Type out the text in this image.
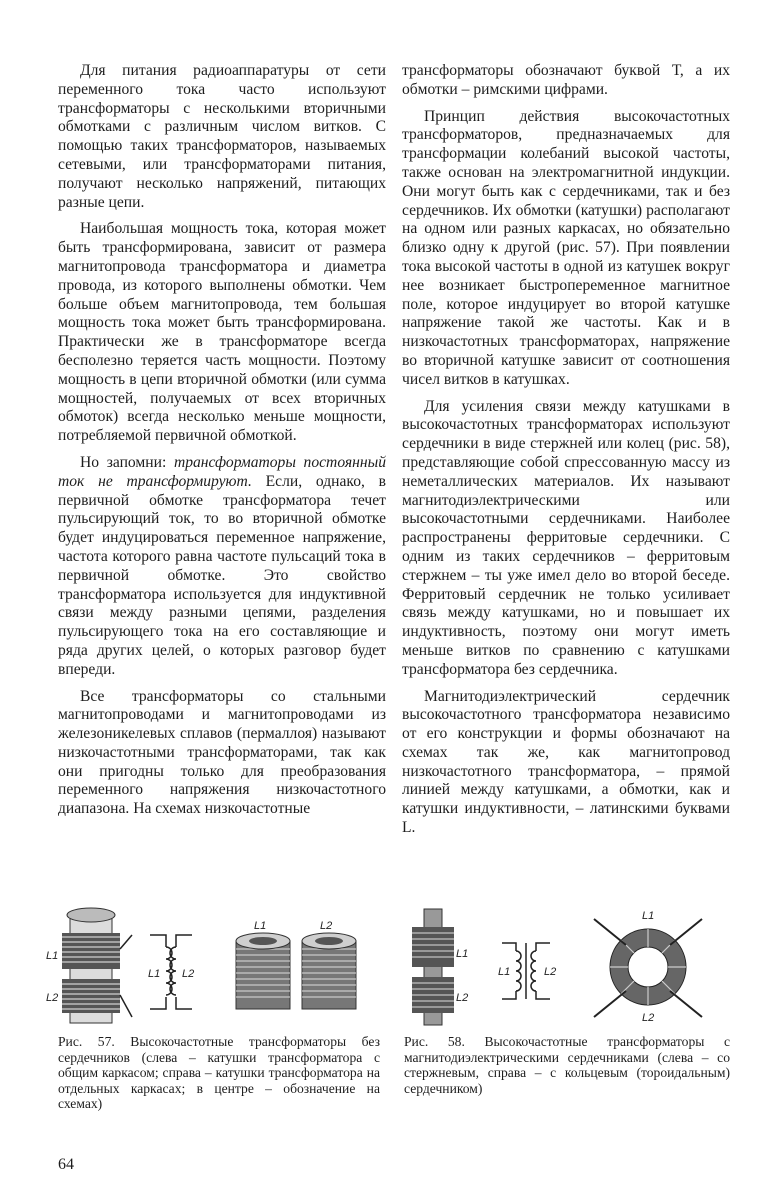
Для питания радиоаппаратуры от сети переменного тока часто используют трансформаторы с несколькими вторичными обмотками с различным числом витков. С помощью таких трансформаторов, называемых сетевыми, или трансформаторами питания, получают несколько напряжений, питающих разные цепи.

Наибольшая мощность тока, которая может быть трансформирована, зависит от размера магнитопровода трансформатора и диаметра провода, из которого выполнены обмотки. Чем больше объем магнитопровода, тем большая мощность тока может быть трансформирована. Практически же в трансформаторе всегда бесполезно теряется часть мощности. Поэтому мощность в цепи вторичной обмотки (или сумма мощностей, получаемых от всех вторичных обмоток) всегда несколько меньше мощности, потребляемой первичной обмоткой.

Но запомни: трансформаторы постоянный ток не трансформируют. Если, однако, в первичной обмотке трансформатора течет пульсирующий ток, то во вторичной обмотке будет индуцироваться переменное напряжение, частота которого равна частоте пульсаций тока в первичной обмотке. Это свойство трансформатора используется для индуктивной связи между разными цепями, разделения пульсирующего тока на его составляющие и ряда других целей, о которых разговор будет впереди.

Все трансформаторы со стальными магнитопроводами и магнитопроводами из железоникелевых сплавов (пермаллоя) называют низкочастотными трансформаторами, так как они пригодны только для преобразования переменного напряжения низкочастотного диапазона. На схемах низкочастотные

трансформаторы обозначают буквой Т, а их обмотки – римскими цифрами.

Принцип действия высокочастотных трансформаторов, предназначаемых для трансформации колебаний высокой частоты, также основан на электромагнитной индукции. Они могут быть как с сердечниками, так и без сердечников. Их обмотки (катушки) располагают на одном или разных каркасах, но обязательно близко одну к другой (рис. 57). При появлении тока высокой частоты в одной из катушек вокруг нее возникает быстропеременное магнитное поле, которое индуцирует во второй катушке напряжение такой же частоты. Как и в низкочастотных трансформаторах, напряжение во вторичной катушке зависит от соотношения чисел витков в катушках.

Для усиления связи между катушками в высокочастотных трансформаторах используют сердечники в виде стержней или колец (рис. 58), представляющие собой спрессованную массу из неметаллических материалов. Их называют магнитодиэлектрическими или высокочастотными сердечниками. Наиболее распространены ферритовые сердечники. С одним из таких сердечников – ферритовым стержнем – ты уже имел дело во второй беседе. Ферритовый сердечник не только усиливает связь между катушками, но и повышает их индуктивность, поэтому они могут иметь меньше витков по сравнению с катушками трансформатора без сердечника.

Магнитодиэлектрический сердечник высокочастотного трансформатора независимо от его конструкции и формы обозначают на схемах так же, как магнитопровод низкочастотного трансформатора, – прямой линией между катушками, а обмотки, как и катушки индуктивности, – латинскими буквами L.

L1
L2
L1 L2
L1	L2
Рис. 57. Высокочастотные трансформаторы без сердечников (слева – катушки трансформатора с общим каркасом; справа – катушки трансформатора на отдельных каркасах; в центре – обозначение на схемах)
L1
L2
L1	L2
L1
L2
Рис. 58. Высокочастотные трансформаторы с магнитодиэлектрическими сердечниками (слева – со стержневым, справа – с кольцевым (тороидальным) сердечником)
64
